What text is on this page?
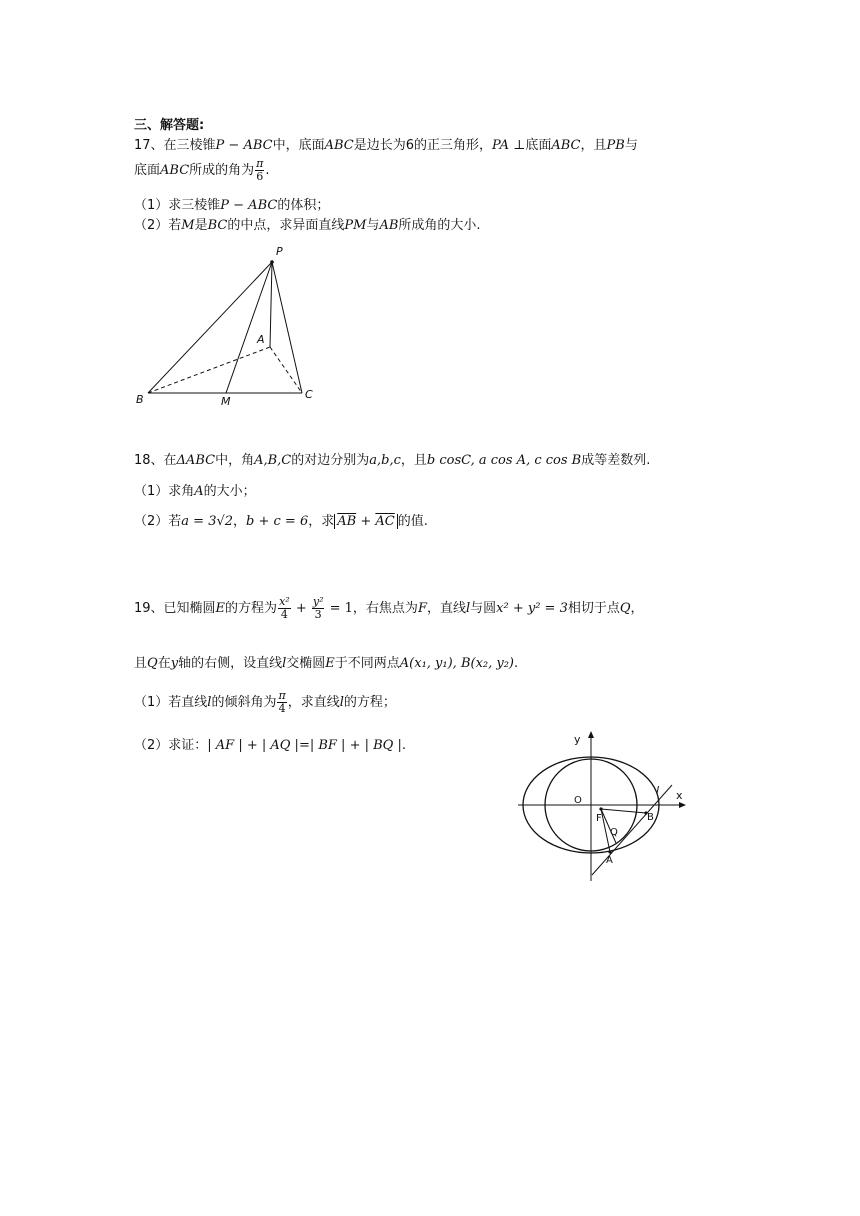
三、解答题:
17、在三棱锥P − ABC中，底面ABC是边长为6的正三角形，PA ⊥底面ABC，且PB与
底面ABC所成的角为 $\frac{\pi}{6}$ .
（1）求三棱锥P − ABC的体积；
（2）若M是BC的中点，求异面直线PM与AB所成角的大小.
P
A
B	C
M
18、在ΔABC中，角A,B,C的对边分别为a,b,c，且b cosC, a cos A, c cos B成等差数列.
（1）求角A的大小；
（2）若a = 3√2，b + c = 6，求 $\overline{AB} + \overline{AC}$ 的值.
19、已知椭圆E的方程为 $\frac{\text{x²}}{4} + \frac{\text{y²}}{3} = 1$，右焦点为F，直线l与圆x² + y² = 3相切于点Q，
且Q在y轴的右侧，设直线l交椭圆E于不同两点A(x₁, y₁), B(x₂, y₂).
（1）若直线l的倾斜角为 $\frac{\pi}{4}$ ，求直线l的方程；
（2）求证：| AF | + | AQ |=| BF | + | BQ |.	y
x
O
F
Q
B
A
l
